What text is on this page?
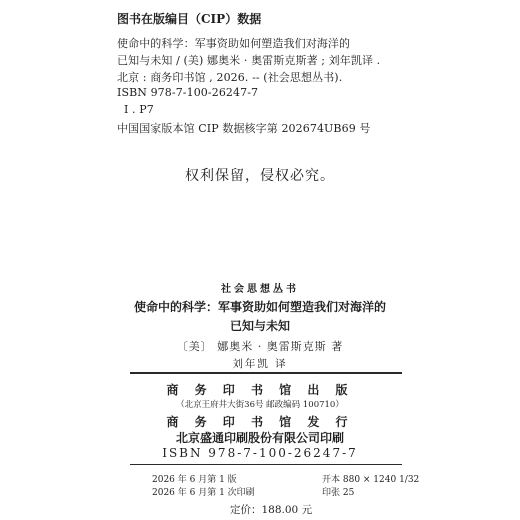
图书在版编目（CIP）数据
使命中的科学：军事资助如何塑造我们对海洋的
已知与未知 / (美) 娜奥米 · 奥雷斯克斯著 ; 刘年凯译 .
北京 : 商务印书馆 , 2026. -- (社会思想丛书).
ISBN 978-7-100-26247-7
Ⅰ . P7
中国国家版本馆 CIP 数据核字第 202674UB69 号
权利保留，侵权必究。
社会思想丛书
使命中的科学：军事资助如何塑造我们对海洋的
已知与未知
〔美〕 娜奥米 · 奥雷斯克斯 著
刘年凯 译
商 务 印 书 馆 出 版
（北京王府井大街36号 邮政编码 100710）
商 务 印 书 馆 发 行
北京盛通印刷股份有限公司印刷
ISBN 978-7-100-26247-7
2026 年 6 月第 1 版
2026 年 6 月第 1 次印刷
开本 880 × 1240 1/32
印张 25
定价：188.00 元
